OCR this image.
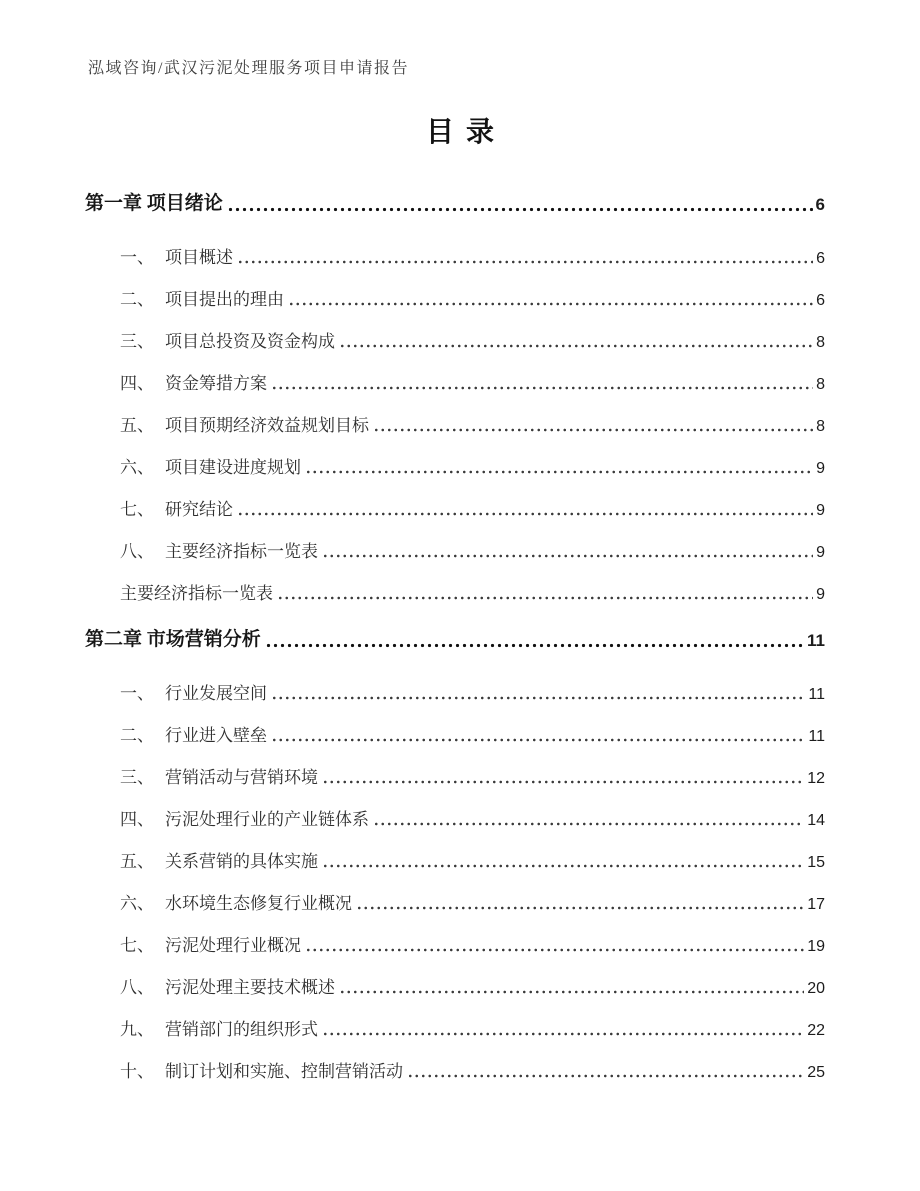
泓域咨询/武汉污泥处理服务项目申请报告
目录
第一章 项目绪论	6
一、 项目概述	6
二、 项目提出的理由	6
三、 项目总投资及资金构成	8
四、 资金筹措方案	8
五、 项目预期经济效益规划目标	8
六、 项目建设进度规划	9
七、 研究结论	9
八、 主要经济指标一览表	9
主要经济指标一览表	9
第二章 市场营销分析	11
一、 行业发展空间	11
二、 行业进入壁垒	11
三、 营销活动与营销环境	12
四、 污泥处理行业的产业链体系	14
五、 关系营销的具体实施	15
六、 水环境生态修复行业概况	17
七、 污泥处理行业概况	19
八、 污泥处理主要技术概述	20
九、 营销部门的组织形式	22
十、 制订计划和实施、控制营销活动	25
